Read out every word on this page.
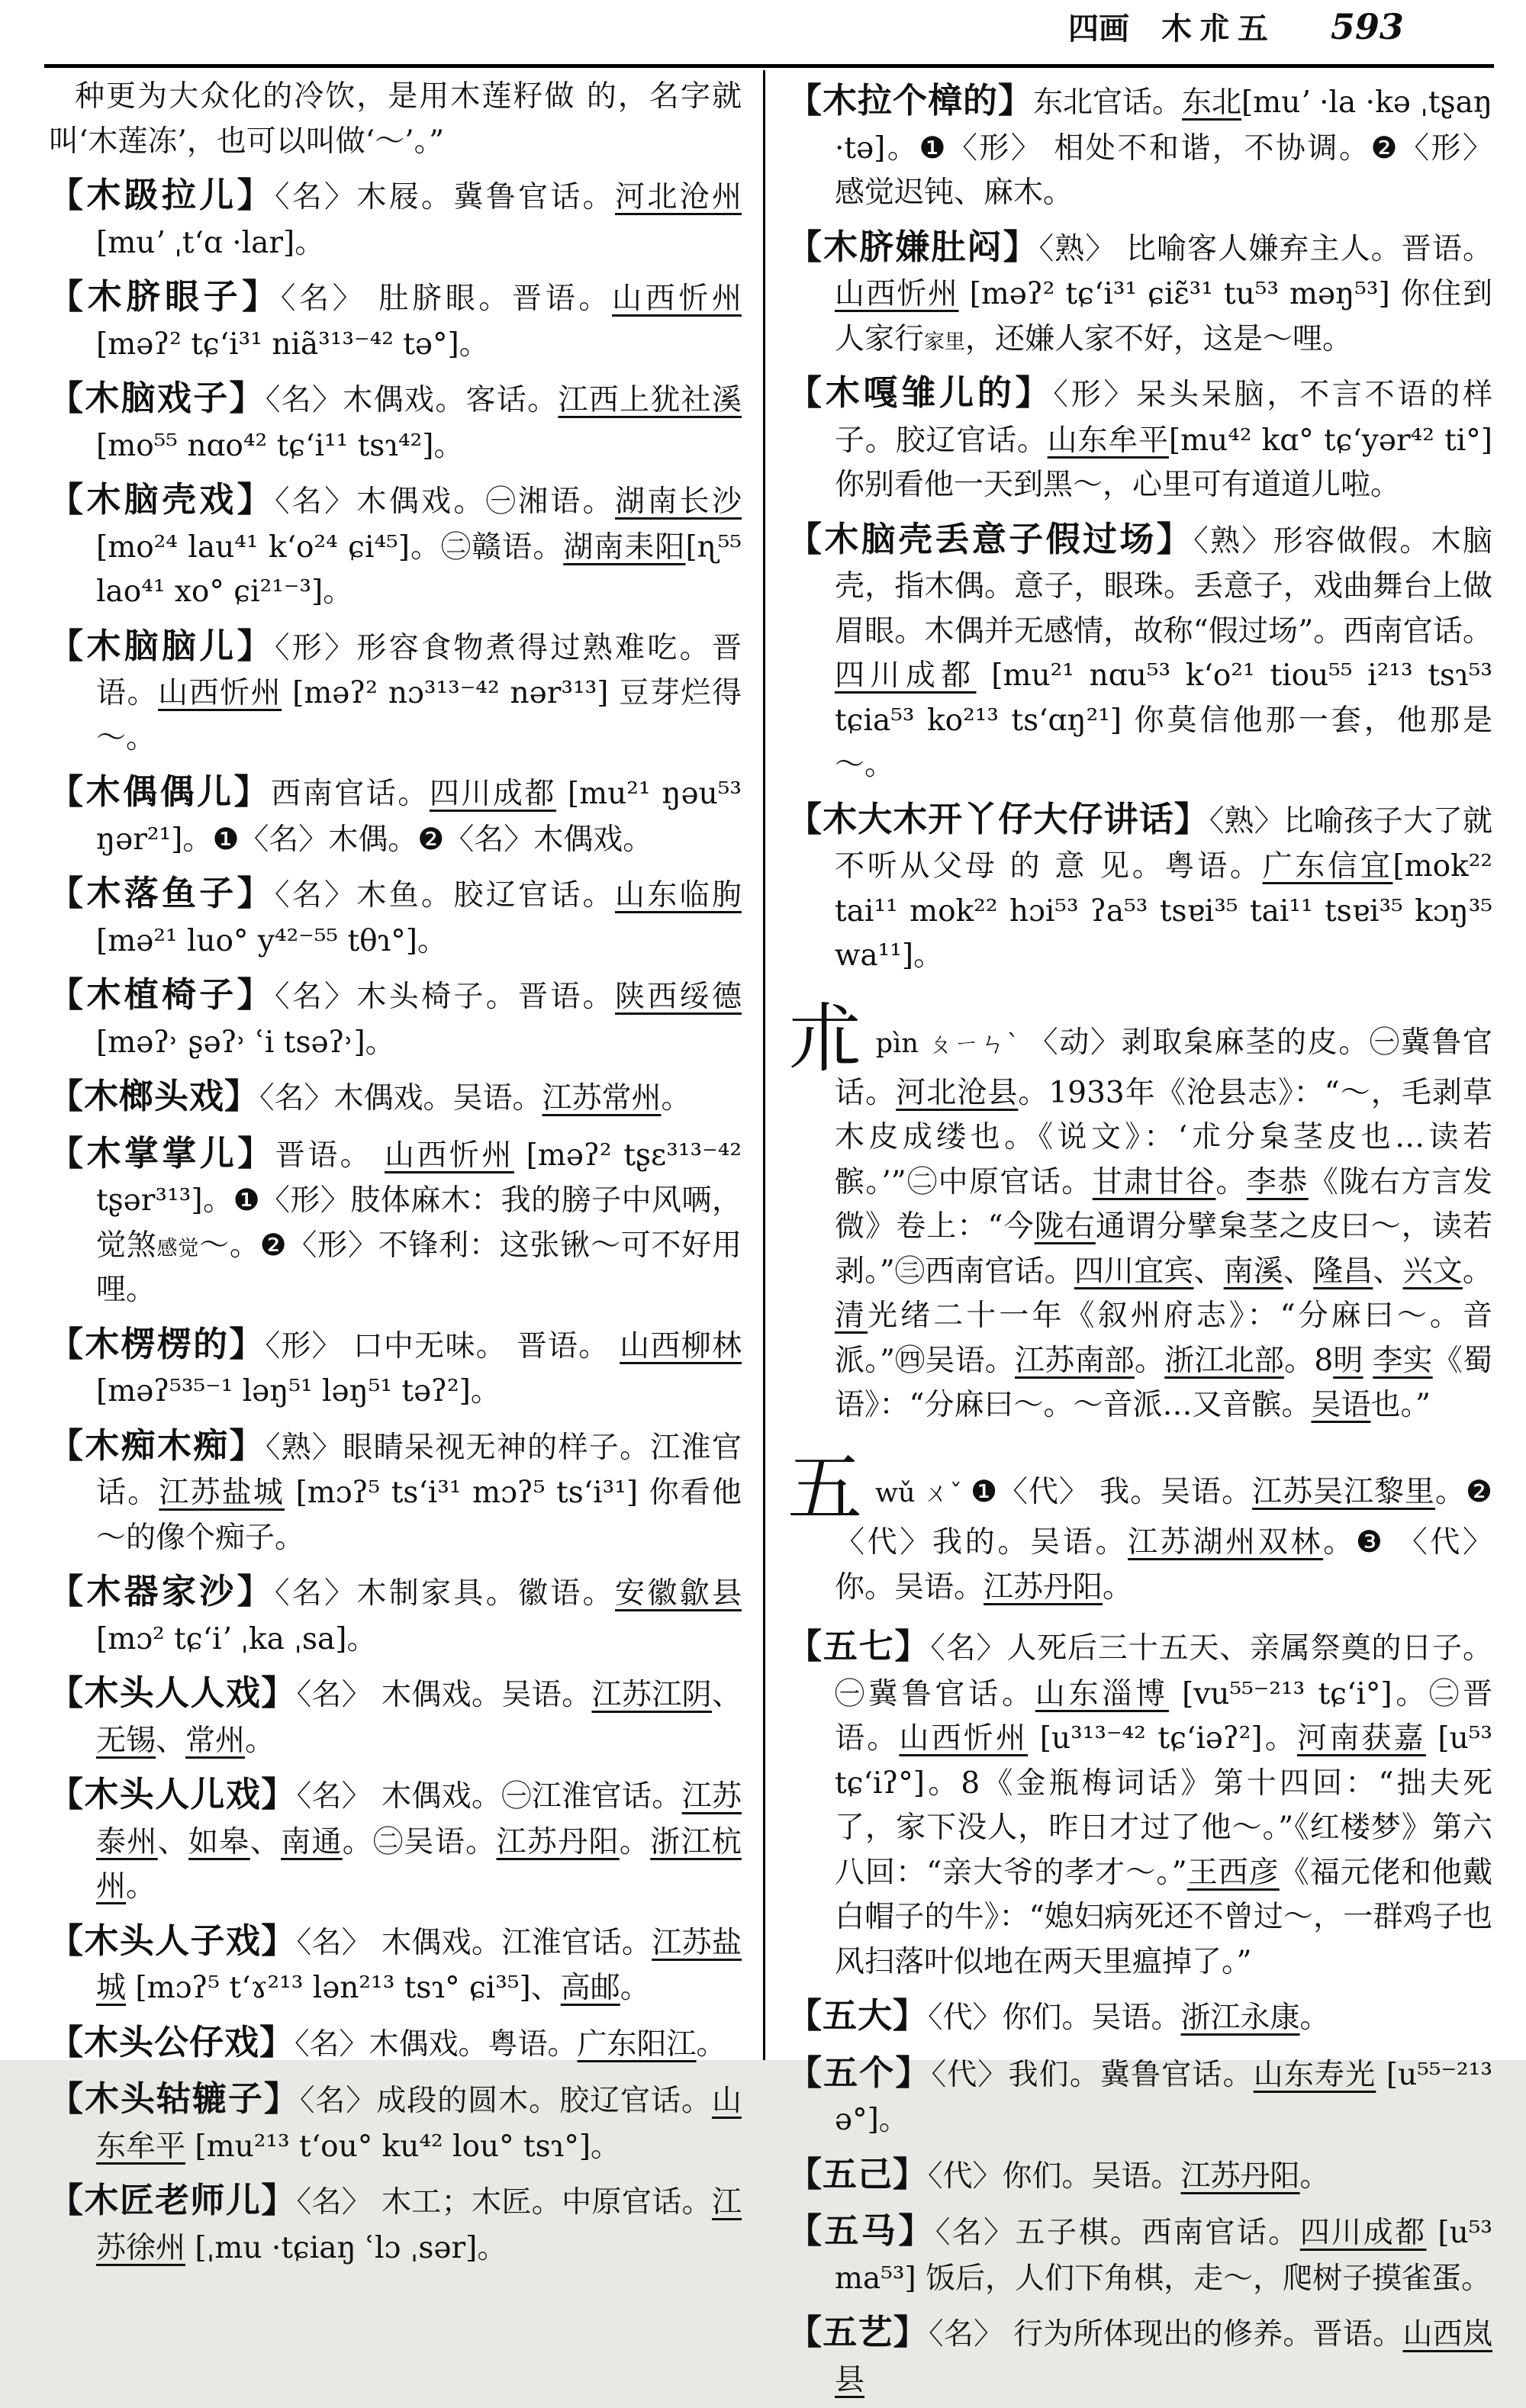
四画 木朮五 593

种更为大众化的冷饮，是用木莲籽做 的，名字就叫‘木莲冻’，也可以叫做‘～’。”

【木趿拉儿】〈名〉木屐。冀鲁官话。河北沧州 [muʼ ˌtʻɑ ·lar]。

【木脐眼子】〈名〉 肚脐眼。晋语。山西忻州 [məʔ² tɕʻi³¹ niã³¹³⁻⁴² tə°]。

【木脑戏子】〈名〉木偶戏。客话。江西上犹社溪 [mo⁵⁵ nɑo⁴² tɕʻi¹¹ tsɿ⁴²]。

【木脑壳戏】〈名〉木偶戏。㊀湘语。湖南长沙 [mo²⁴ lau⁴¹ kʻo²⁴ ɕi⁴⁵]。㊁赣语。湖南耒阳[ɳ⁵⁵ lao⁴¹ xo° ɕi²¹⁻³]。

【木脑脑儿】〈形〉形容食物煮得过熟难吃。晋语。山西忻州 [məʔ² nɔ³¹³⁻⁴² nər³¹³] 豆芽烂得～。

【木偶偶儿】西南官话。四川成都 [mu²¹ ŋəu⁵³ ŋər²¹]。❶〈名〉木偶。❷〈名〉木偶戏。

【木落鱼子】〈名〉木鱼。胶辽官话。山东临朐 [mə²¹ luo° y⁴²⁻⁵⁵ tθɿ°]。

【木植椅子】〈名〉木头椅子。晋语。陕西绥德 [məʔ˒ ʂəʔ˒ ʿi tsəʔ˒]。

【木榔头戏】〈名〉木偶戏。吴语。江苏常州。

【木掌掌儿】晋语。 山西忻州 [məʔ² tʂɛ³¹³⁻⁴² tʂər³¹³]。❶〈形〉肢体麻木：我的膀子中风唡，觉煞感觉～。❷〈形〉不锋利：这张锹～可不好用哩。

【木楞楞的】〈形〉 口中无味。 晋语。 山西柳林 [məʔ⁵³⁵⁻¹ ləŋ⁵¹ ləŋ⁵¹ təʔ²]。

【木痴木痴】〈熟〉眼睛呆视无神的样子。江淮官话。江苏盐城 [mɔʔ⁵ tsʻi³¹ mɔʔ⁵ tsʻi³¹] 你看他～的像个痴子。

【木器家沙】〈名〉木制家具。徽语。安徽歙县 [mɔ² tɕʻiʼ ˌka ˌsa]。

【木头人人戏】〈名〉 木偶戏。吴语。江苏江阴、无锡、常州。

【木头人儿戏】〈名〉 木偶戏。㊀江淮官话。江苏泰州、如皋、南通。㊁吴语。江苏丹阳。浙江杭州。

【木头人子戏】〈名〉 木偶戏。江淮官话。江苏盐城 [mɔʔ⁵ tʻɤ²¹³ lən²¹³ tsɿ° ɕi³⁵]、高邮。

【木头公仔戏】〈名〉木偶戏。粤语。广东阳江。

【木头轱辘子】〈名〉成段的圆木。胶辽官话。山东牟平 [mu²¹³ tʻou° ku⁴² lou° tsɿ°]。

【木匠老师儿】〈名〉 木工；木匠。中原官话。江苏徐州 [ˌmu ·tɕiaŋ ʿlɔ ˌsər]。

【木拉个樟的】东北官话。东北[muʼ ·la ·kə ˌtʂaŋ ·tə]。❶〈形〉 相处不和谐，不协调。❷〈形〉 感觉迟钝、麻木。

【木脐嫌肚闷】〈熟〉 比喻客人嫌弃主人。晋语。山西忻州 [məʔ² tɕʻi³¹ ɕiɛ̃³¹ tu⁵³ məŋ⁵³] 你住到人家行家里，还嫌人家不好，这是～哩。

【木嘎雏儿的】〈形〉呆头呆脑，不言不语的样子。胶辽官话。山东牟平[mu⁴² kɑ° tɕʻyər⁴² ti°] 你别看他一天到黑～，心里可有道道儿啦。

【木脑壳丢意子假过场】〈熟〉形容做假。木脑壳，指木偶。意子，眼珠。丢意子，戏曲舞台上做眉眼。木偶并无感情，故称“假过场”。西南官话。四川成都 [mu²¹ nɑu⁵³ kʻo²¹ tiou⁵⁵ i²¹³ tsɿ⁵³ tɕia⁵³ ko²¹³ tsʻɑŋ²¹] 你莫信他那一套，他那是～。

【木大木开丫仔大仔讲话】〈熟〉比喻孩子大了就不听从父母 的 意 见。粤语。广东信宜[mok²² tai¹¹ mok²² hɔi⁵³ ʔa⁵³ tsɐi³⁵ tai¹¹ tsɐi³⁵ kɔŋ³⁵ wa¹¹]。

朮pìn ㄆㄧㄣˋ 〈动〉剥取枲麻茎的皮。㊀冀鲁官话。河北沧县。1933年《沧县志》：“～，毛剥草木皮成缕也。《说文》：‘朮分枲茎皮也…读若髌。’”㊁中原官话。甘肃甘谷。李恭《陇右方言发微》卷上：“今陇右通谓分擘枲茎之皮曰～，读若剥。”㊂西南官话。四川宜宾、南溪、隆昌、兴文。清光绪二十一年《叙州府志》：“分麻曰～。音派。”㊃吴语。江苏南部。浙江北部。8明 李实《蜀语》：“分麻曰～。～音派…又音髌。吴语也。”

五wǔ ㄨˇ ❶〈代〉 我。吴语。江苏吴江黎里。❷〈代〉我的。吴语。江苏湖州双林。❸ 〈代〉 你。吴语。江苏丹阳。

【五七】〈名〉人死后三十五天、亲属祭奠的日子。㊀冀鲁官话。山东淄博 [vu⁵⁵⁻²¹³ tɕʻi°]。㊁晋语。山西忻州 [u³¹³⁻⁴² tɕʻiəʔ²]。河南获嘉 [u⁵³ tɕʻiʔ°]。8《金瓶梅词话》第十四回：“拙夫死了，家下没人，昨日才过了他～。”《红楼梦》第六八回：“亲大爷的孝才～。”王西彦《福元佬和他戴白帽子的牛》：“媳妇病死还不曾过～，一群鸡子也风扫落叶似地在两天里瘟掉了。”

【五大】〈代〉你们。吴语。浙江永康。

【五个】〈代〉我们。冀鲁官话。山东寿光 [u⁵⁵⁻²¹³ ə°]。

【五己】〈代〉你们。吴语。江苏丹阳。

【五马】〈名〉五子棋。西南官话。四川成都 [u⁵³ ma⁵³] 饭后，人们下角棋，走～，爬树子摸雀蛋。

【五艺】〈名〉 行为所体现出的修养。晋语。山西岚县
